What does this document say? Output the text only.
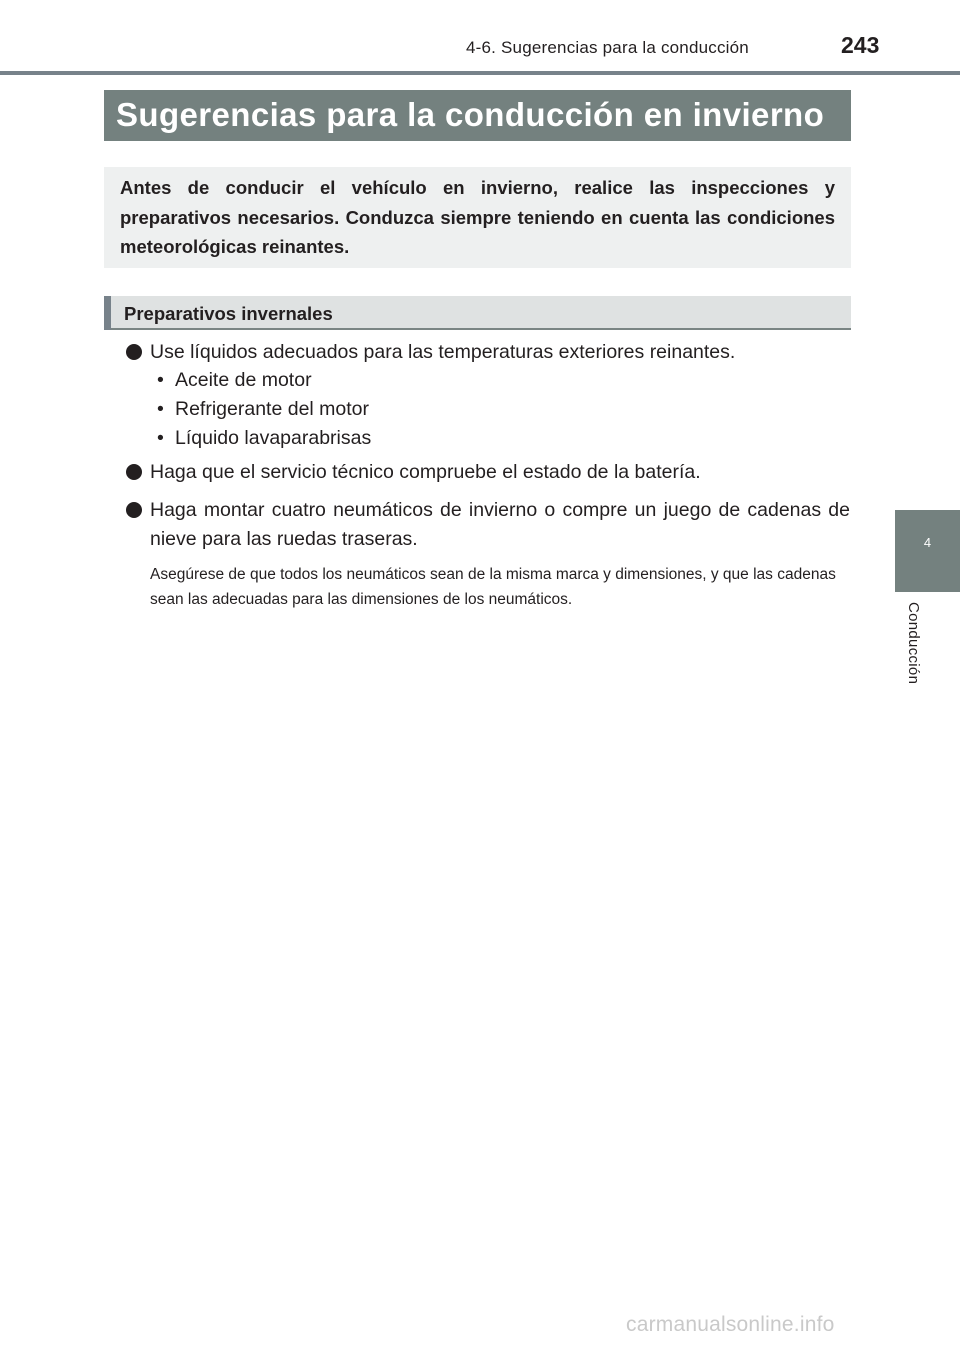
4-6. Sugerencias para la conducción	243
Sugerencias para la conducción en invierno
Antes de conducir el vehículo en invierno, realice las inspecciones y preparativos necesarios. Conduzca siempre teniendo en cuenta las condiciones meteorológicas reinantes.
Preparativos invernales
Use líquidos adecuados para las temperaturas exteriores reinantes.
• Aceite de motor
• Refrigerante del motor
• Líquido lavaparabrisas
Haga que el servicio técnico compruebe el estado de la batería.
Haga montar cuatro neumáticos de invierno o compre un juego de cadenas de nieve para las ruedas traseras.
Asegúrese de que todos los neumáticos sean de la misma marca y dimensiones, y que las cadenas sean las adecuadas para las dimensiones de los neumáticos.
4
Conducción
carmanualsonline.info
